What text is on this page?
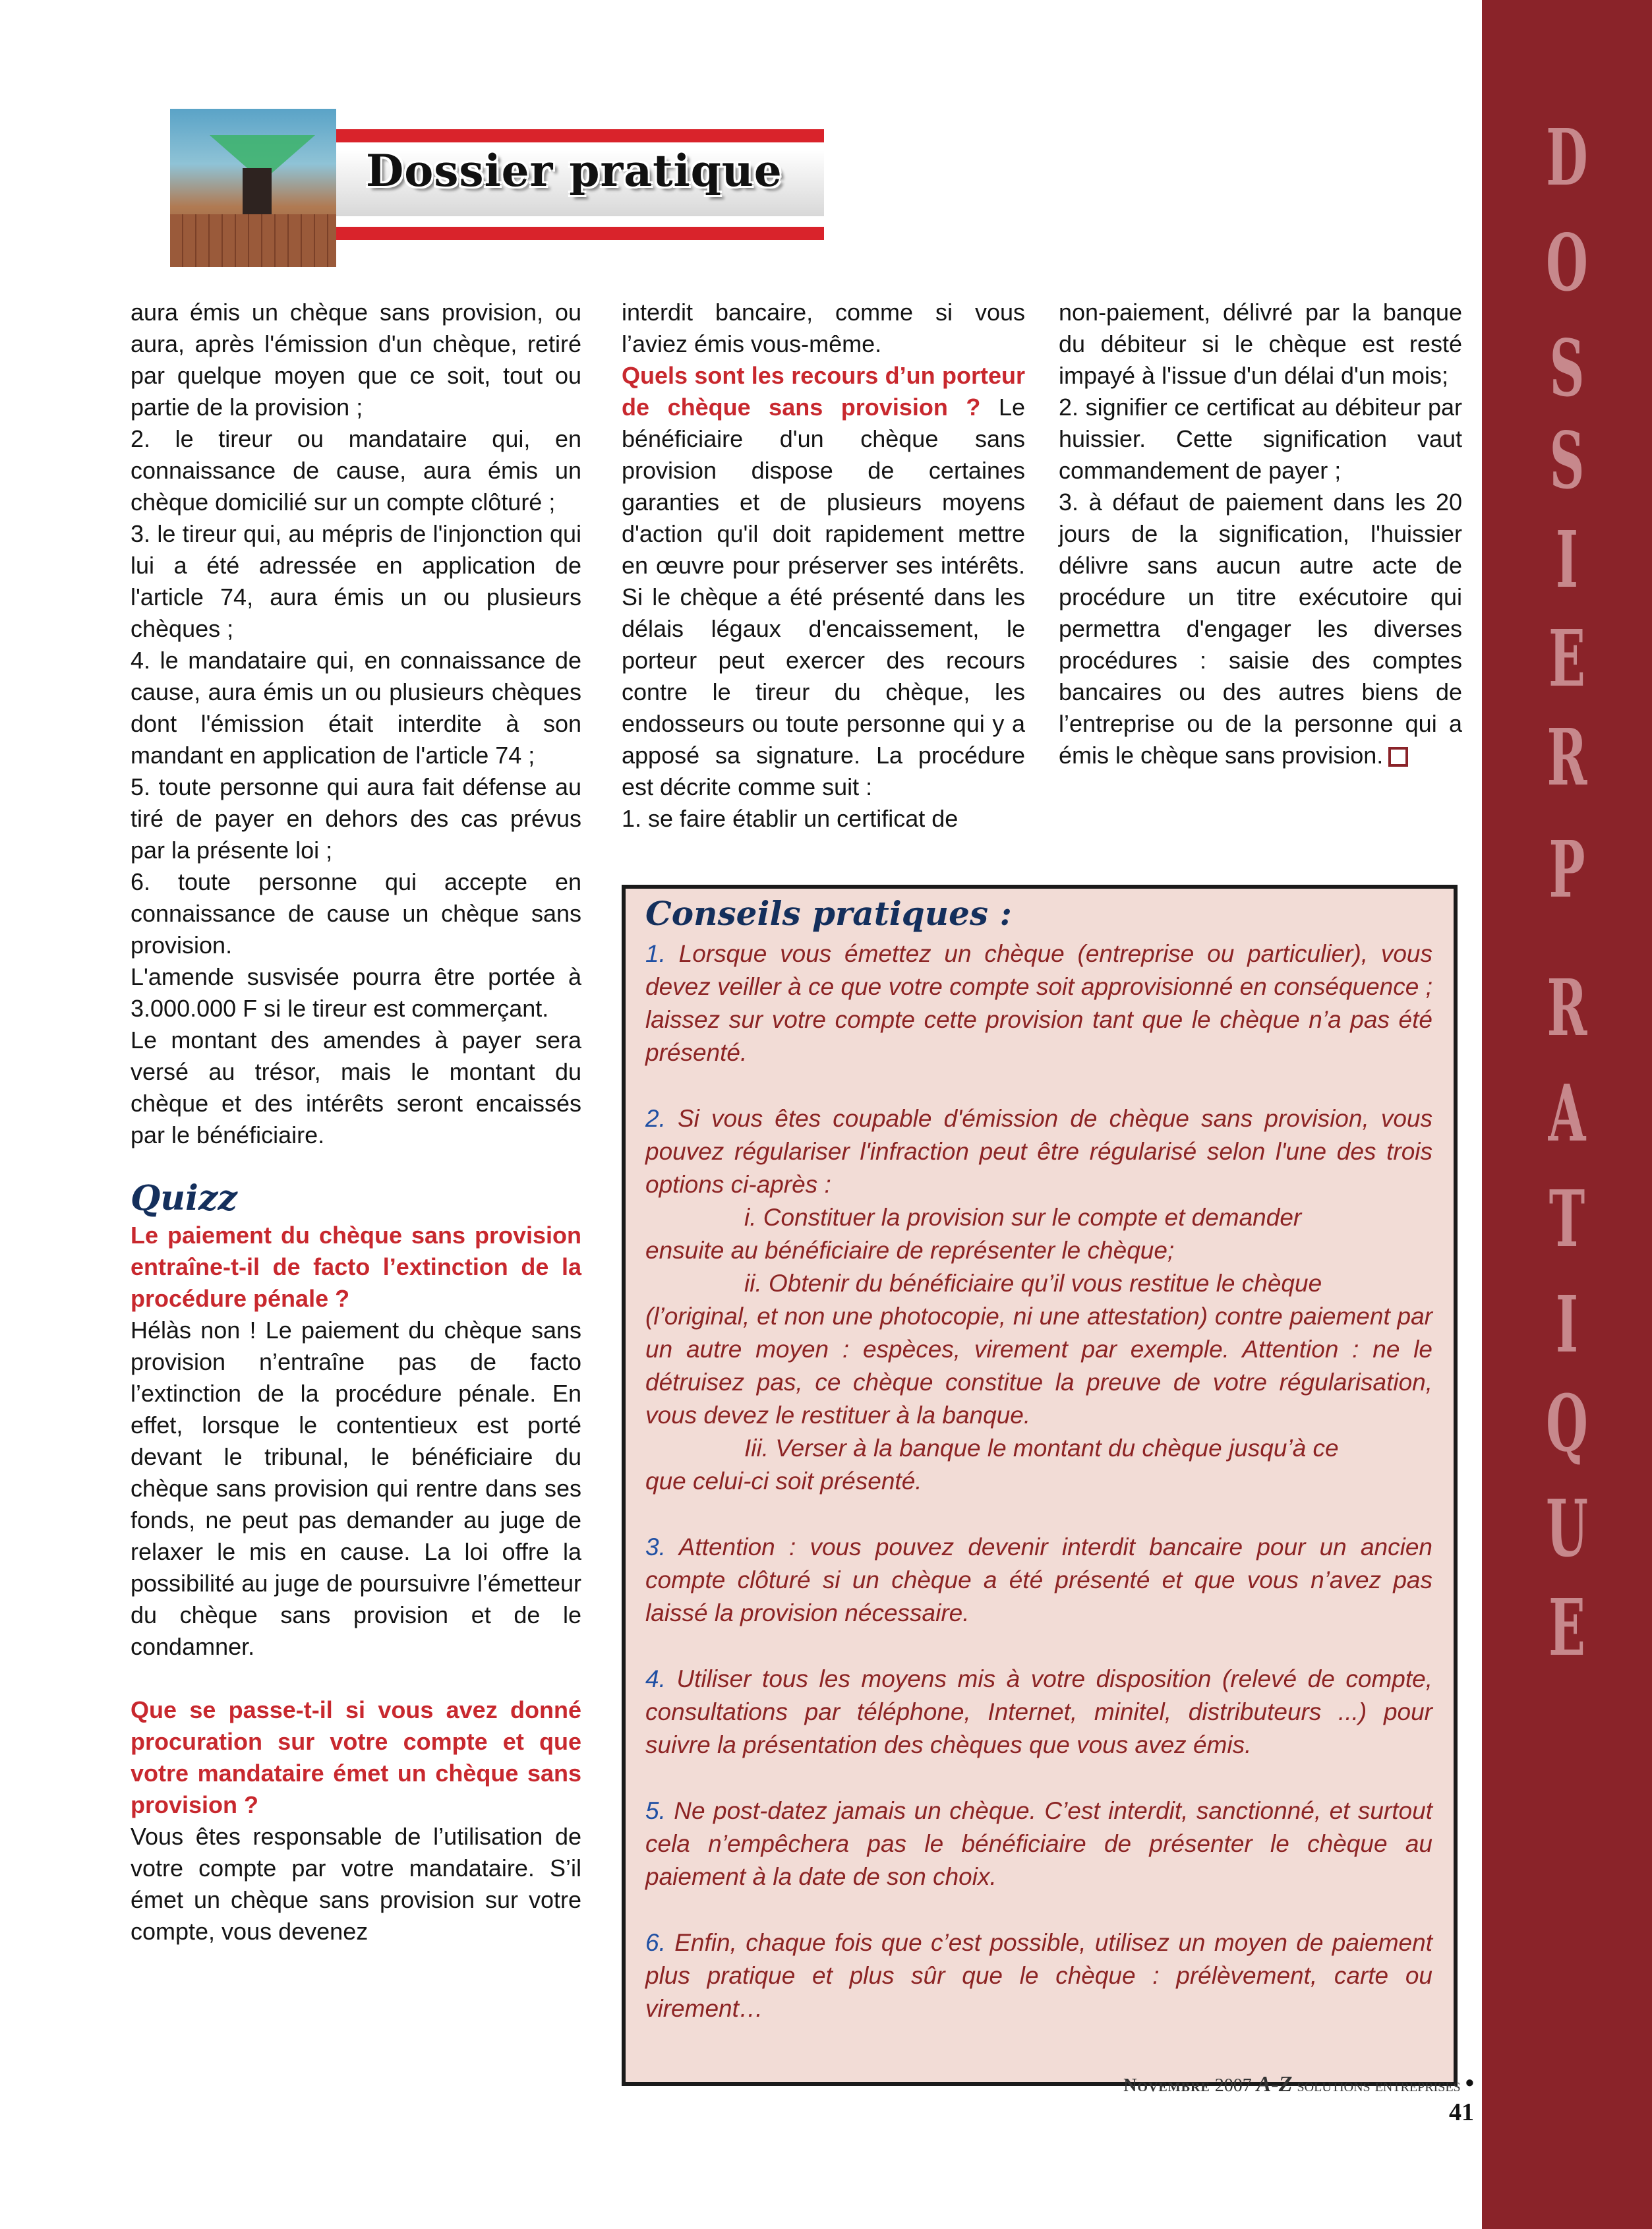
D
O
S
S
I
E
R
P
R
A
T
I
Q
U
E
Dossier pratique

aura émis un chèque sans provision, ou aura, après l'émission d'un chèque, retiré par quelque moyen que ce soit, tout ou partie de la provision ;

2. le tireur ou mandataire qui, en connaissance de cause, aura émis un chèque domicilié sur un compte clôturé ;

3. le tireur qui, au mépris de l'injonction qui lui a été adressée en application de l'article 74, aura émis un ou plusieurs chèques ;

4. le mandataire qui, en connaissance de cause, aura émis un ou plusieurs chèques dont l'émission était interdite à son mandant en application de l'article 74 ;

5. toute personne qui aura fait défense au tiré de payer en dehors des cas prévus par la présente loi ;

6. toute personne qui accepte en connaissance de cause un chèque sans provision.

L'amende susvisée pourra être portée à 3.000.000 F si le tireur est commerçant.

Le montant des amendes à payer sera versé au trésor, mais le montant du chèque et des intérêts seront encaissés par le bénéficiaire.

Quizz

Le paiement du chèque sans provision entraîne-t-il de facto l’extinction de la procédure pénale ?

Hélàs non ! Le paiement du chèque sans provision n’entraîne pas de facto l’extinction de la procédure pénale. En effet, lorsque le contentieux est porté devant le tribunal, le bénéficiaire du chèque sans provision qui rentre dans ses fonds, ne peut pas demander au juge de relaxer le mis en cause. La loi offre la possibilité au juge de poursuivre l’émetteur du chèque sans provision et de le condamner.

Que se passe-t-il si vous avez donné procuration sur votre compte et que votre mandataire émet un chèque sans provision ?

Vous êtes responsable de l’utilisation de votre compte par votre mandataire. S’il émet un chèque sans provision sur votre compte, vous devenez

interdit bancaire, comme si vous l’aviez émis vous-même.

Quels sont les recours d’un porteur de chèque sans provision ? Le bénéficiaire d'un chèque sans provision dispose de certaines garanties et de plusieurs moyens d'action qu'il doit rapidement mettre en œuvre pour préserver ses intérêts. Si le chèque a été présenté dans les délais légaux d'encaissement, le porteur peut exercer des recours contre le tireur du chèque, les endosseurs ou toute personne qui y a apposé sa signature. La procédure est décrite comme suit :

1. se faire établir un certificat de

non-paiement, délivré par la banque du débiteur si le chèque est resté impayé à l'issue d'un délai d'un mois;

2. signifier ce certificat au débiteur par huissier. Cette signification vaut commandement de payer ;

3. à défaut de paiement dans les 20 jours de la signification, l'huissier délivre sans aucun autre acte de procédure un titre exécutoire qui permettra d'engager les diverses procédures : saisie des comptes bancaires ou des autres biens de l’entreprise ou de la personne qui a émis le chèque sans provision.

Conseils pratiques :

1. Lorsque vous émettez un chèque (entreprise ou particulier), vous devez veiller à ce que votre compte soit approvisionné en conséquence ; laissez sur votre compte cette provision tant que le chèque n’a pas été présenté.

2. Si vous êtes coupable d'émission de chèque sans provision, vous pouvez régulariser l'infraction peut être régularisé selon l'une des trois options ci-après :
i. Constituer la provision sur le compte et demander
ensuite au bénéficiaire de représenter le chèque;
ii. Obtenir du bénéficiaire qu’il vous restitue le chèque
(l’original, et non une photocopie, ni une attestation) contre paiement par un autre moyen : espèces, virement par exemple. Attention : ne le détruisez pas, ce chèque constitue la preuve de votre régularisation, vous devez le restituer à la banque.
Iii. Verser à la banque le montant du chèque jusqu’à ce
que celui-ci soit présenté.

3. Attention : vous pouvez devenir interdit bancaire pour un ancien compte clôturé si un chèque a été présenté et que vous n’avez pas laissé la provision nécessaire.

4. Utiliser tous les moyens mis à votre disposition (relevé de compte, consultations par téléphone, Internet, minitel, distributeurs ...) pour suivre la présentation des chèques que vous avez émis.

5. Ne post-datez jamais un chèque. C’est interdit, sanctionné, et surtout cela n’empêchera pas le bénéficiaire de présenter le chèque au paiement à la date de son choix.

6. Enfin, chaque fois que c’est possible, utilisez un moyen de paiement plus pratique et plus sûr que le chèque : prélèvement, carte ou virement…

Novembre 2007 A-Z solutions entreprises • 41
